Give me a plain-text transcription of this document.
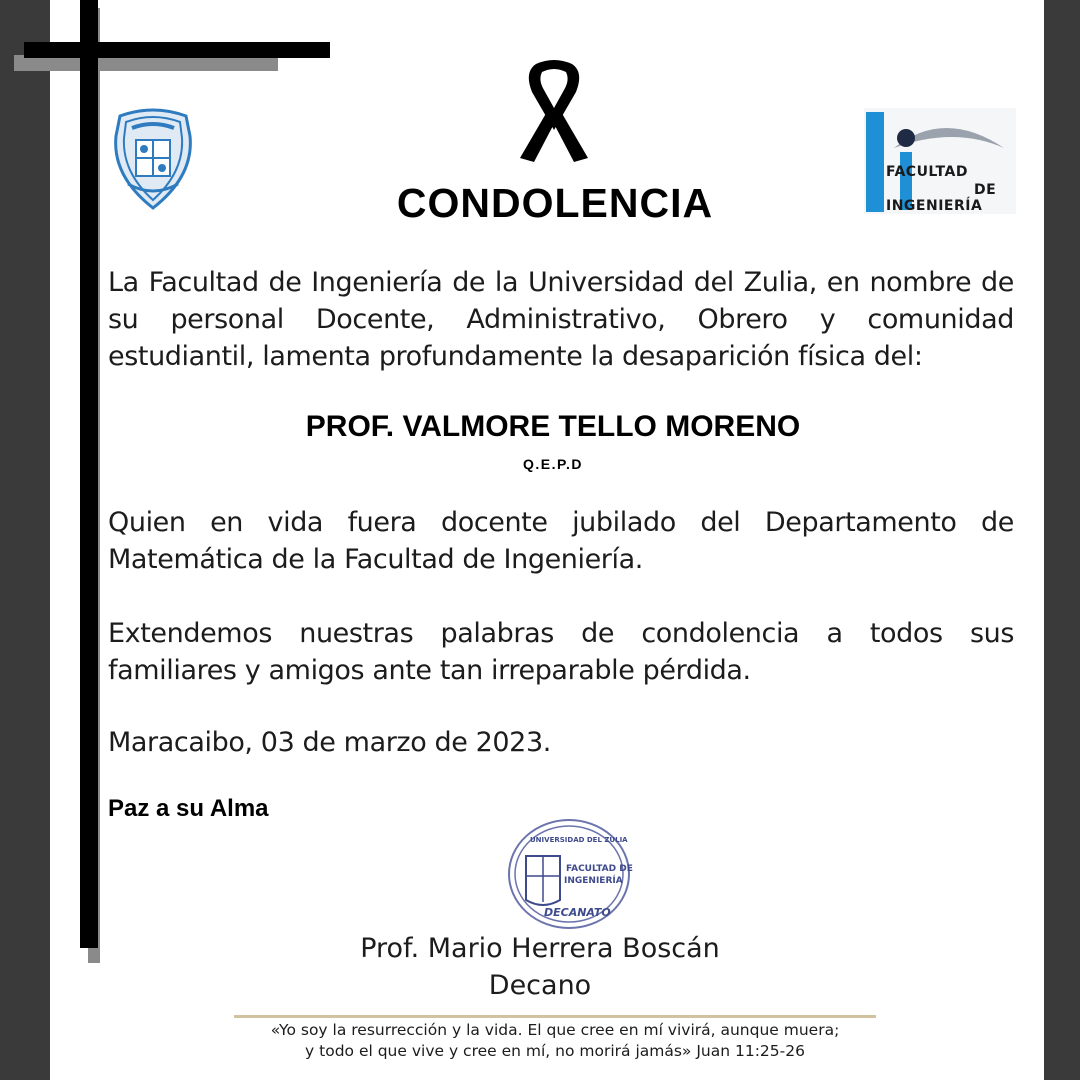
FACULTAD
DE
INGENIERÍA
CONDOLENCIA

La Facultad de Ingeniería de la Universidad del Zulia, en nombre de su personal Docente, Administrativo, Obrero y comunidad estudiantil, lamenta profundamente la desaparición física del:

PROF. VALMORE TELLO MORENO
Q.E.P.D

Quien en vida fuera docente jubilado del Departamento de Matemática de la Facultad de Ingeniería.

Extendemos nuestras palabras de condolencia a todos sus familiares y amigos ante tan irreparable pérdida.

Maracaibo, 03 de marzo de 2023.

Paz a su Alma
UNIVERSIDAD DEL ZULIA
FACULTAD DE
INGENIERÍA
DECANATO
Prof. Mario Herrera Boscán
Decano
«Yo soy la resurrección y la vida. El que cree en mí vivirá, aunque muera;
y todo el que vive y cree en mí, no morirá jamás» Juan 11:25-26
